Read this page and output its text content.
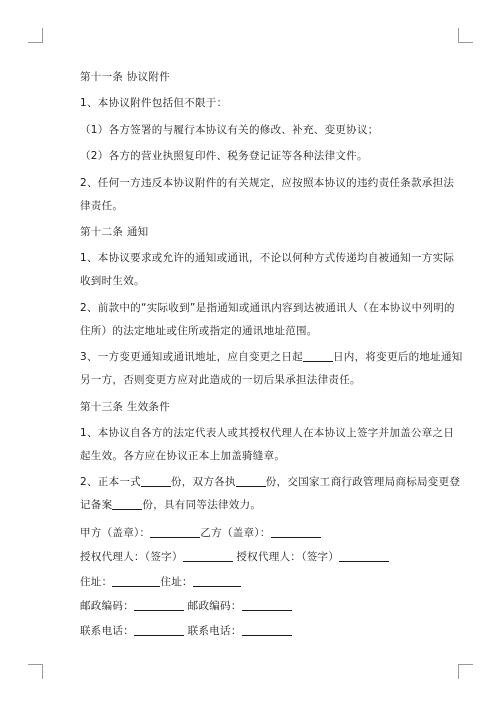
第十一条 协议附件
1、本协议附件包括但不限于：
（1）各方签署的与履行本协议有关的修改、补充、变更协议；
（2）各方的营业执照复印件、税务登记证等各种法律文件。
2、任何一方违反本协议附件的有关规定，应按照本协议的违约责任条款承担法
律责任。
第十二条 通知
1、本协议要求或允许的通知或通讯，不论以何种方式传递均自被通知一方实际
收到时生效。
2、前款中的“实际收到”是指通知或通讯内容到达被通讯人（在本协议中列明的
住所）的法定地址或住所或指定的通讯地址范围。
3、一方变更通知或通讯地址，应自变更之日起	日内，将变更后的地址通知
另一方，否则变更方应对此造成的一切后果承担法律责任。
第十三条 生效条件
1、本协议自各方的法定代表人或其授权代理人在本协议上签字并加盖公章之日
起生效。各方应在协议正本上加盖骑缝章。
2、正本一式	份，双方各执	份，交国家工商行政管理局商标局变更登
记备案	份，具有同等法律效力。
甲方（盖章）：	乙方（盖章）：
授权代理人：（签字）	授权代理人：（签字）
住址：	住址：
邮政编码：	邮政编码：
联系电话：	联系电话：
